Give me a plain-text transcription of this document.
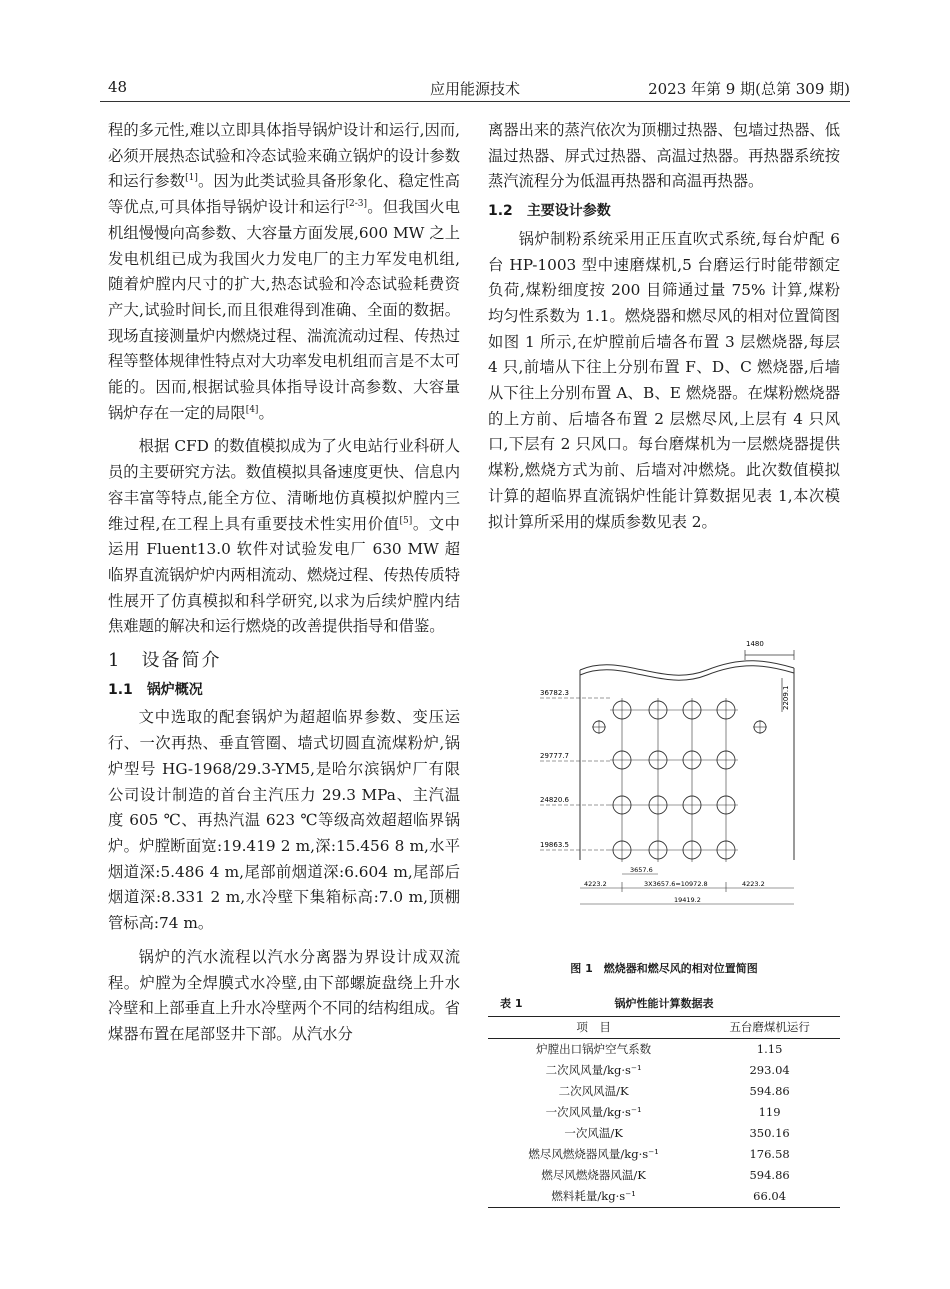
48	应用能源技术	2023 年第 9 期(总第 309 期)

程的多元性,难以立即具体指导锅炉设计和运行,因而,必须开展热态试验和冷态试验来确立锅炉的设计参数和运行参数[1]。因为此类试验具备形象化、稳定性高等优点,可具体指导锅炉设计和运行[2-3]。但我国火电机组慢慢向高参数、大容量方面发展,600 MW 之上发电机组已成为我国火力发电厂的主力军发电机组,随着炉膛内尺寸的扩大,热态试验和冷态试验耗费资产大,试验时间长,而且很难得到准确、全面的数据。现场直接测量炉内燃烧过程、湍流流动过程、传热过程等整体规律性特点对大功率发电机组而言是不太可能的。因而,根据试验具体指导设计高参数、大容量锅炉存在一定的局限[4]。

根据 CFD 的数值模拟成为了火电站行业科研人员的主要研究方法。数值模拟具备速度更快、信息内容丰富等特点,能全方位、清晰地仿真模拟炉膛内三维过程,在工程上具有重要技术性实用价值[5]。文中运用 Fluent13.0 软件对试验发电厂 630 MW 超临界直流锅炉炉内两相流动、燃烧过程、传热传质特性展开了仿真模拟和科学研究,以求为后续炉膛内结焦难题的解决和运行燃烧的改善提供指导和借鉴。

1　 设备简介
1.1 锅炉概况

文中选取的配套锅炉为超超临界参数、变压运行、一次再热、垂直管圈、墙式切圆直流煤粉炉,锅炉型号 HG-1968/29.3-YM5,是哈尔滨锅炉厂有限公司设计制造的首台主汽压力 29.3 MPa、主汽温度 605 ℃、再热汽温 623 ℃等级高效超超临界锅炉。炉膛断面宽:19.419 2 m,深:15.456 8 m,水平烟道深:5.486 4 m,尾部前烟道深:6.604 m,尾部后烟道深:8.331 2 m,水冷壁下集箱标高:7.0 m,顶棚管标高:74 m。

锅炉的汽水流程以汽水分离器为界设计成双流程。炉膛为全焊膜式水冷壁,由下部螺旋盘绕上升水冷壁和上部垂直上升水冷壁两个不同的结构组成。省煤器布置在尾部竖井下部。从汽水分

离器出来的蒸汽依次为顶棚过热器、包墙过热器、低温过热器、屏式过热器、高温过热器。再热器系统按蒸汽流程分为低温再热器和高温再热器。

1.2 主要设计参数

锅炉制粉系统采用正压直吹式系统,每台炉配 6 台 HP-1003 型中速磨煤机,5 台磨运行时能带额定负荷,煤粉细度按 200 目筛通过量 75% 计算,煤粉均匀性系数为 1.1。燃烧器和燃尽风的相对位置简图如图 1 所示,在炉膛前后墙各布置 3 层燃烧器,每层 4 只,前墙从下往上分别布置 F、D、C 燃烧器,后墙从下往上分别布置 A、B、E 燃烧器。在煤粉燃烧器的上方前、后墙各布置 2 层燃尽风,上层有 4 只风口,下层有 2 只风口。每台磨煤机为一层燃烧器提供煤粉,燃烧方式为前、后墙对冲燃烧。此次数值模拟计算的超临界直流锅炉性能计算数据见表 1,本次模拟计算所采用的煤质参数见表 2。

1480
2209.1
36782.3
29777.7
24820.6
19863.5
3657.6
4223.2	3X3657.6=10972.8	4223.2
19419.2
图 1　燃烧器和燃尽风的相对位置简图
表 1	锅炉性能计算数据表
项　目	五台磨煤机运行
炉膛出口锅炉空气系数	1.15
二次风风量/kg·s⁻¹	293.04
二次风风温/K	594.86
一次风风量/kg·s⁻¹	119
一次风温/K	350.16
燃尽风燃烧器风量/kg·s⁻¹	176.58
燃尽风燃烧器风温/K	594.86
燃料耗量/kg·s⁻¹	66.04
